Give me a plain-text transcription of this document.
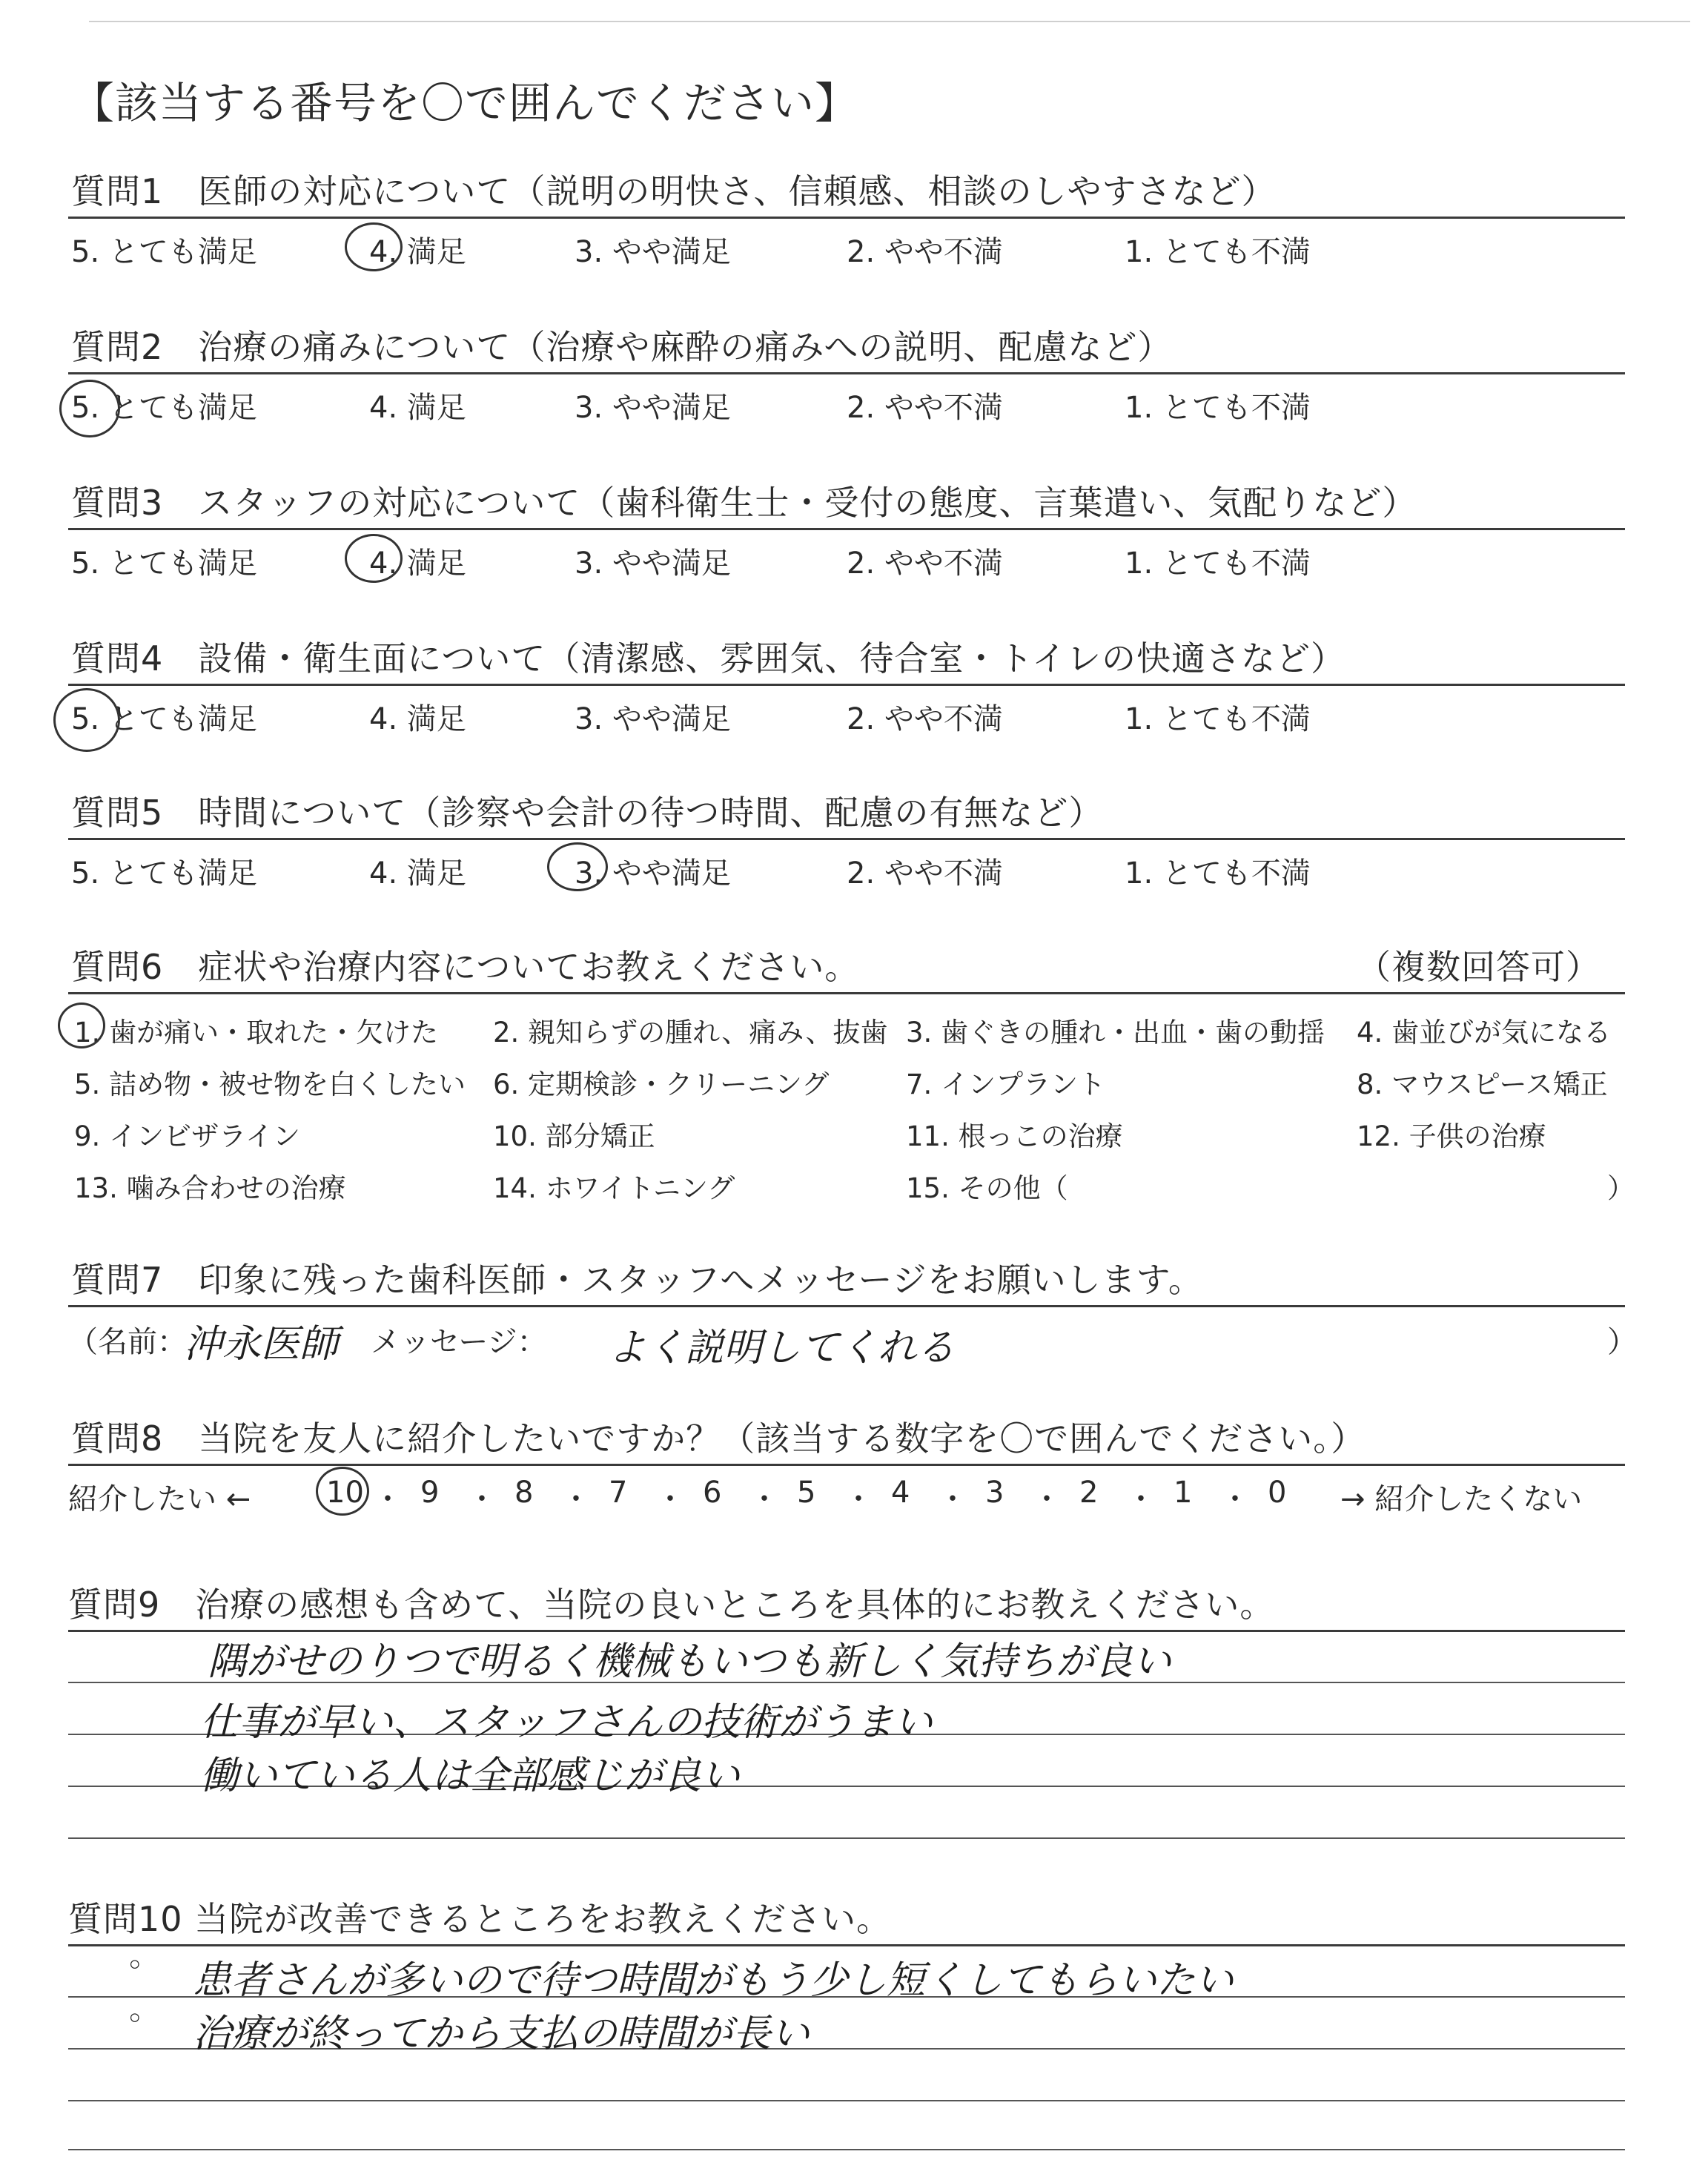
【該当する番号を〇で囲んでください】
質問1　医師の対応について（説明の明快さ、信頼感、相談のしやすさなど）
5. とても満足	4. 満足	3. やや満足	2. やや不満	1. とても不満
質問2　治療の痛みについて（治療や麻酔の痛みへの説明、配慮など）
5. とても満足	4. 満足	3. やや満足	2. やや不満	1. とても不満
質問3　スタッフの対応について（歯科衛生士・受付の態度、言葉遣い、気配りなど）
5. とても満足	4. 満足	3. やや満足	2. やや不満	1. とても不満
質問4　設備・衛生面について（清潔感、雰囲気、待合室・トイレの快適さなど）
5. とても満足	4. 満足	3. やや満足	2. やや不満	1. とても不満
質問5　時間について（診察や会計の待つ時間、配慮の有無など）
5. とても満足	4. 満足	3. やや満足	2. やや不満	1. とても不満
質問6　症状や治療内容についてお教えください。	（複数回答可）
1. 歯が痛い・取れた・欠けた 2. 親知らずの腫れ、痛み、抜歯 3. 歯ぐきの腫れ・出血・歯の動揺 4. 歯並びが気になる
5. 詰め物・被せ物を白くしたい 6. 定期検診・クリーニング	7. インプラント	8. マウスピース矯正
9. インビザライン	10. 部分矯正	11. 根っこの治療	12. 子供の治療
13. 噛み合わせの治療	14. ホワイトニング	15. その他（	）
質問7　印象に残った歯科医師・スタッフへメッセージをお願いします。
（名前：
沖永医師 メッセージ： よく説明してくれる	）
質問8　当院を友人に紹介したいですか？（該当する数字を〇で囲んでください。）
紹介したい ←	10 ・ 9 ・ 8 ・ 7 ・ 6 ・ 5 ・ 4 ・ 3 ・ 2 ・ 1 ・ 0 → 紹介したくない
質問9　治療の感想も含めて、当院の良いところを具体的にお教えください。
隅がせのりつで明るく機械もいつも新しく気持ちが良い
仕事が早い、スタッフさんの技術がうまい
働いている人は全部感じが良い
質問10 当院が改善できるところをお教えください。
◦
◦
患者さんが多いので待つ時間がもう少し短くしてもらいたい
治療が終ってから支払の時間が長い
